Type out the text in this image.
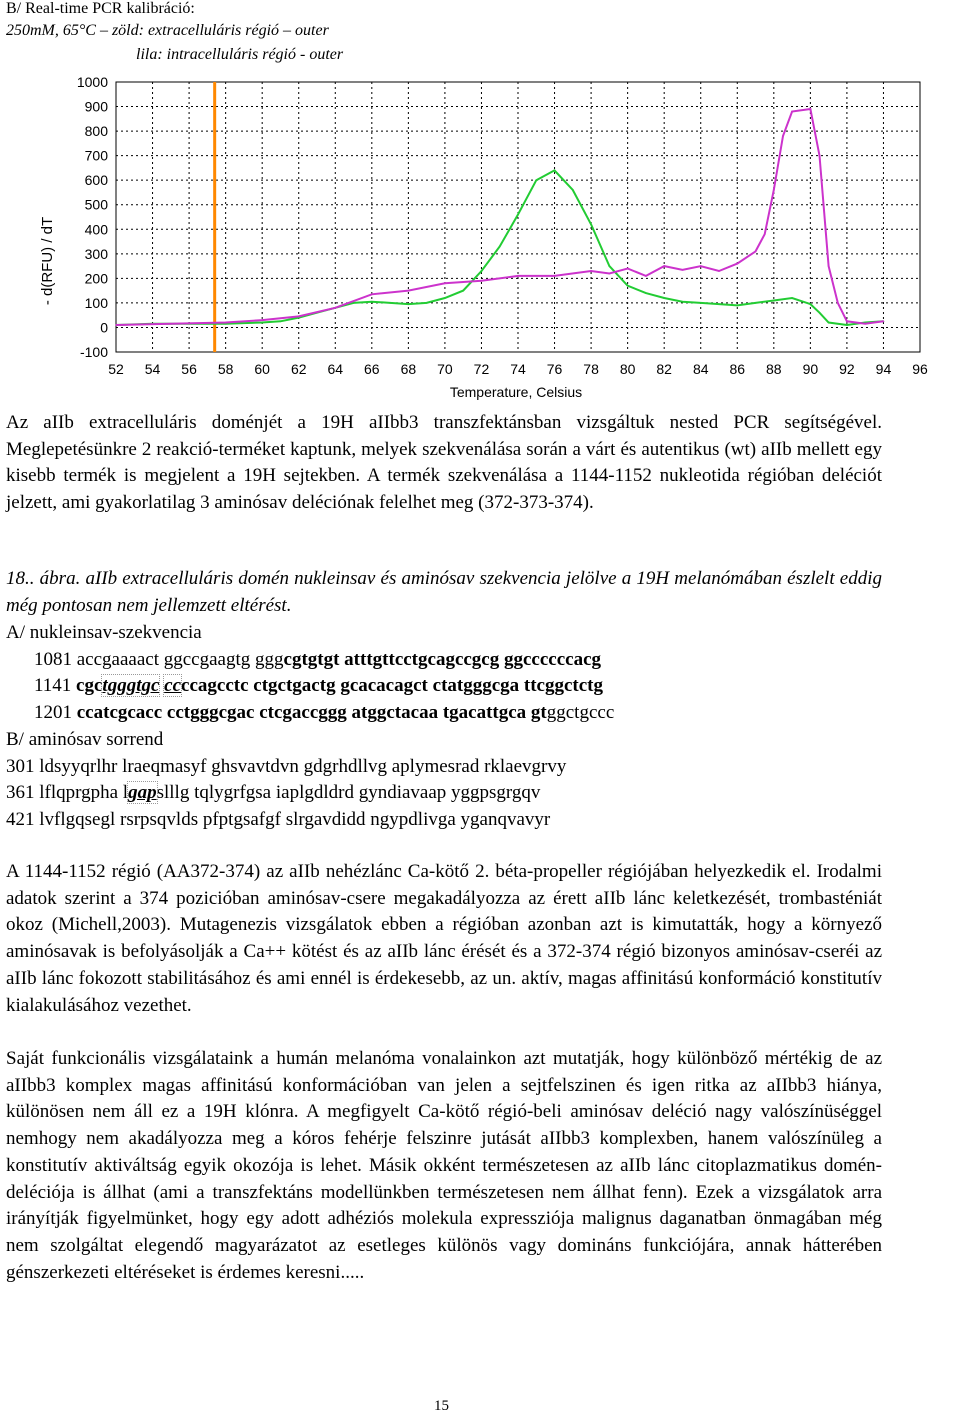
B/ Real-time PCR kalibráció:
250mM, 65°C – zöld: extracelluláris régió – outer
lila: intracelluláris régió - outer
-100
0
100
200
300
400
500
600
700
800
900
1000
52 54 56 58 60 62 64 66 68 70 72 74 76 78 80 82 84 86 88 90 92 94 96
- d(RFU) / dT
Temperature, Celsius
Az aIIb extracelluláris doménjét a 19H aIIbb3 transzfektánsban vizsgáltuk nested PCR segítségével. Meglepetésünkre 2 reakció-terméket kaptunk, melyek szekvenálása során a várt és autentikus (wt) aIIb mellett egy kisebb termék is megjelent a 19H sejtekben. A termék szekvenálása a 1144-1152 nukleotida régióban deléciót jelzett, ami gyakorlatilag 3 aminósav deléciónak felelhet meg (372-373-374).
18.. ábra. aIIb extracelluláris domén nukleinsav és aminósav szekvencia jelölve a 19H melanómában észlelt eddig még pontosan nem jellemzett eltérést.
A/ nukleinsav-szekvencia
1081 accgaaaact ggccgaagtg gggcgtgtgt atttgttcctgcagccgcg ggccccccacg
1141 cgctgggtgc ccccagcctc ctgctgactg gcacacagct ctatgggcga ttcggctctg
1201 ccatcgcacc cctgggcgac ctcgaccggg atggctacaa tgacattgca gtggctgccc
B/ aminósav sorrend
301 ldsyyqrlhr lraeqmasyf ghsvavtdvn gdgrhdllvg aplymesrad rklaevgrvy
361 lflqprgpha lgapslllg tqlygrfgsa iaplgdldrd gyndiavaap yggpsgrgqv
421 lvflgqsegl rsrpsqvlds pfptgsafgf slrgavdidd ngypdlivga yganqvavyr
A 1144-1152 régió (AA372-374) az aIIb nehézlánc Ca-kötő 2. béta-propeller régiójában helyezkedik el. Irodalmi adatok szerint a 374 pozicióban aminósav-csere megakadályozza az érett aIIb lánc keletkezését, trombasténiát okoz (Michell,2003). Mutagenezis vizsgálatok ebben a régióban azonban azt is kimutatták, hogy a környező aminósavak is befolyásolják a Ca++ kötést és az aIIb lánc érését és a 372-374 régió bizonyos aminósav-cseréi az aIIb lánc fokozott stabilitásához és ami ennél is érdekesebb, az un. aktív, magas affinitású konformáció konstitutív kialakulásához vezethet.
Saját funkcionális vizsgálataink a humán melanóma vonalainkon azt mutatják, hogy különböző mértékig de az aIIbb3 komplex magas affinitású konformációban van jelen a sejtfelszinen és igen ritka az aIIbb3 hiánya, különösen nem áll ez a 19H klónra. A megfigyelt Ca-kötő régió-beli aminósav deléció nagy valószínüséggel nemhogy nem akadályozza meg a kóros fehérje felszinre jutását aIIbb3 komplexben, hanem valószínüleg a konstitutív aktiváltság egyik okozója is lehet. Másik okként természetesen az aIIb lánc citoplazmatikus domén-deléciója is állhat (ami a transzfektáns modellünkben természetesen nem állhat fenn). Ezek a vizsgálatok arra irányítják figyelmünket, hogy egy adott adhéziós molekula expressziója malignus daganatban önmagában még nem szolgáltat elegendő magyarázatot az esetleges különös vagy domináns funkciójára, annak hátterében génszerkezeti eltéréseket is érdemes keresni.....
15
